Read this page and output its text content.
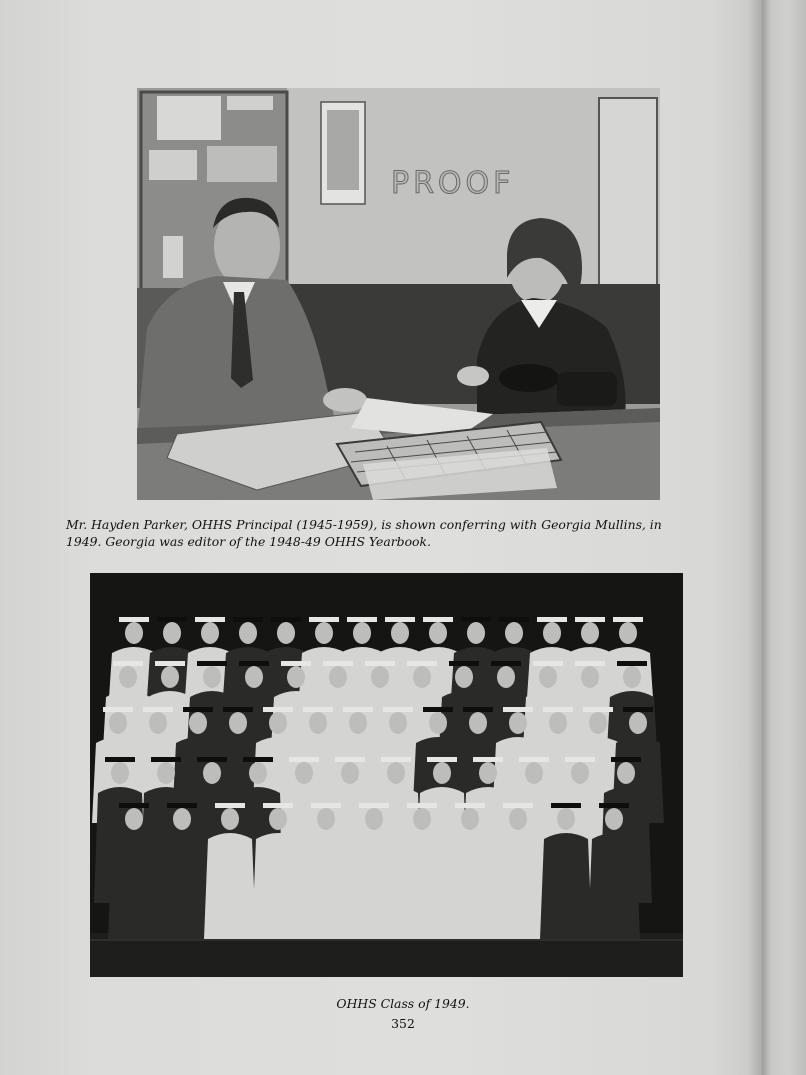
PROOF
Mr. Hayden Parker, OHHS Principal (1945-1959), is shown conferring with Georgia Mullins, in
1949. Georgia was editor of the 1948-49 OHHS Yearbook.
OHHS Class of 1949.
352
